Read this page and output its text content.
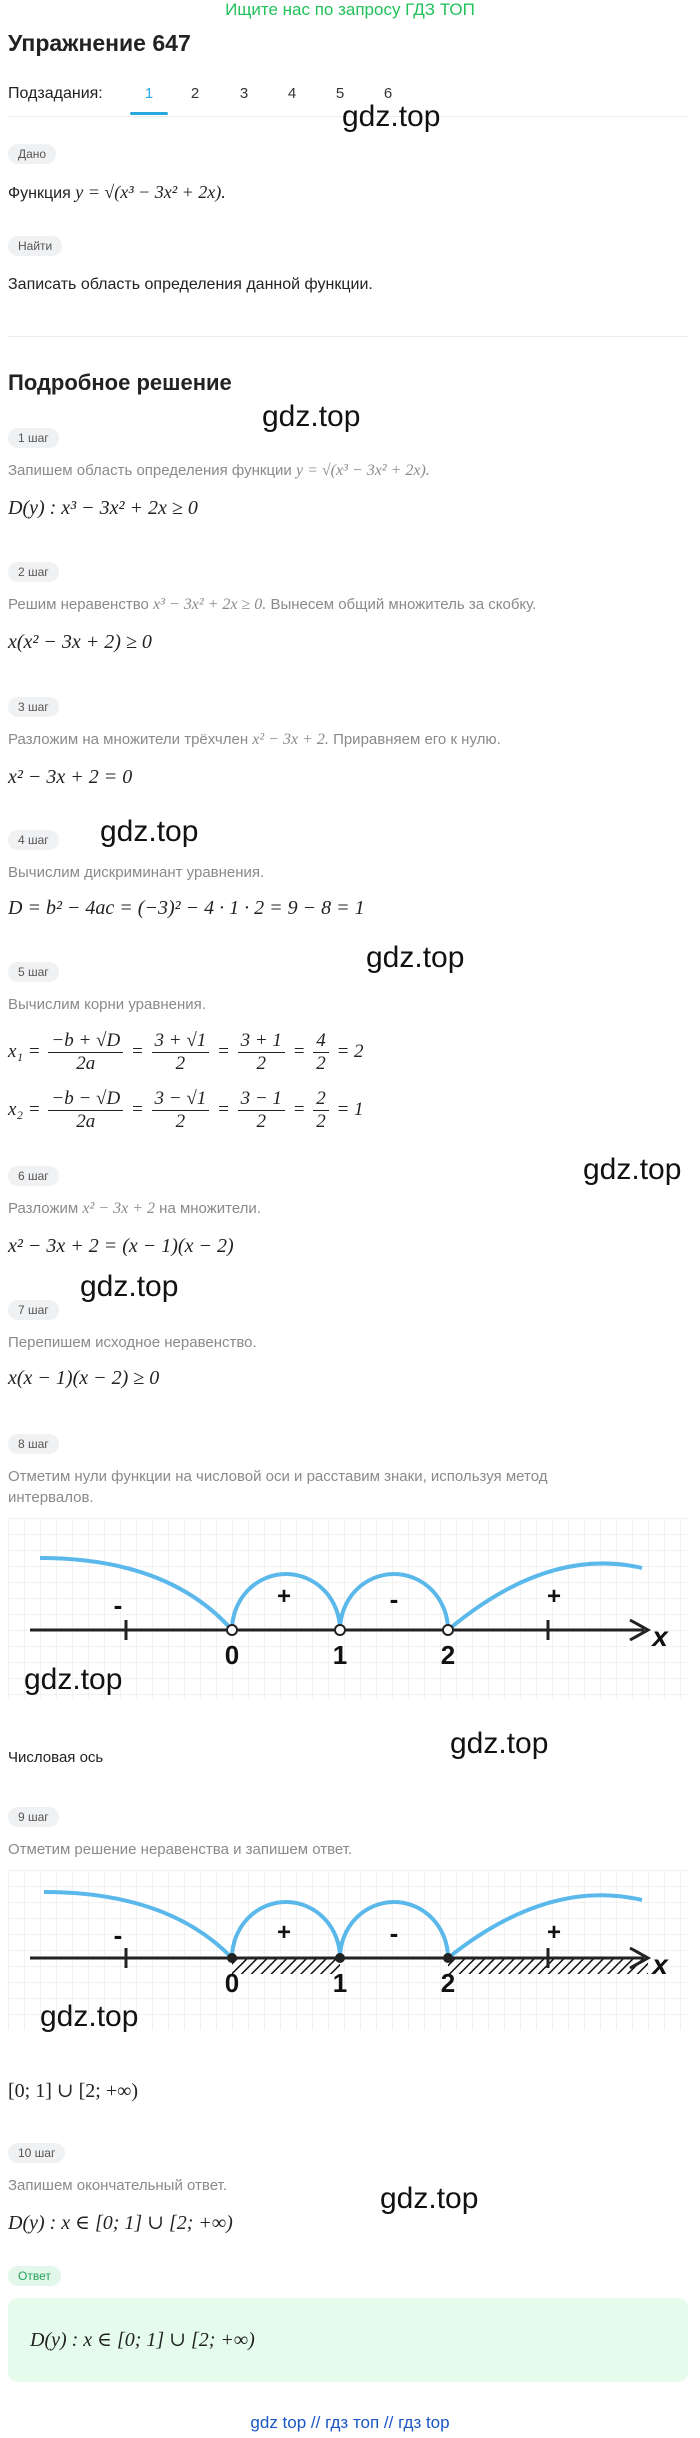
Ищите нас по запросу ГДЗ ТОП
Упражнение 647
Подзадания:	1	2	3	4	5	6
Дано
Функция y = √(x³ − 3x² + 2x).
Найти
Записать область определения данной функции.
Подробное решение
1 шаг
Запишем область определения функции y = √(x³ − 3x² + 2x).
D(y) : x³ − 3x² + 2x ≥ 0
2 шаг
Решим неравенство x³ − 3x² + 2x ≥ 0. Вынесем общий множитель за скобку.
x(x² − 3x + 2) ≥ 0
3 шаг
Разложим на множители трёхчлен x² − 3x + 2. Приравняем его к нулю.
x² − 3x + 2 = 0
4 шаг
Вычислим дискриминант уравнения.
D = b² − 4ac = (−3)² − 4 · 1 · 2 = 9 − 8 = 1
5 шаг
Вычислим корни уравнения.
$x_1 = \frac{-b + √D}{2a} = \frac{3 + √1}{2} = \frac{3 + 1}{2} = \frac{4}{2} = 2$
$x_2 = \frac{-b - √D}{2a} = \frac{3 - √1}{2} = \frac{3 - 1}{2} = \frac{2}{2} = 1$
6 шаг
Разложим x² − 3x + 2 на множители.
x² − 3x + 2 = (x − 1)(x − 2)
7 шаг
Перепишем исходное неравенство.
x(x − 1)(x − 2) ≥ 0
8 шаг
Отметим нули функции на числовой оси и расставим знаки, используя метод интервалов.
0	1	2
-	+	-	+
x
Числовая ось
9 шаг
Отметим решение неравенства и запишем ответ.
0	1	2
-	+	-	+
x
[0; 1] ∪ [2; +∞)
10 шаг
Запишем окончательный ответ.
D(y) : x ∈ [0; 1] ∪ [2; +∞)
Ответ
D(y) : x ∈ [0; 1] ∪ [2; +∞)
gdz.top
gdz.top
gdz.top
gdz.top
gdz.top
gdz.top
gdz.top
gdz.top
gdz.top
gdz.top
gdz top // гдз топ // гдз top
